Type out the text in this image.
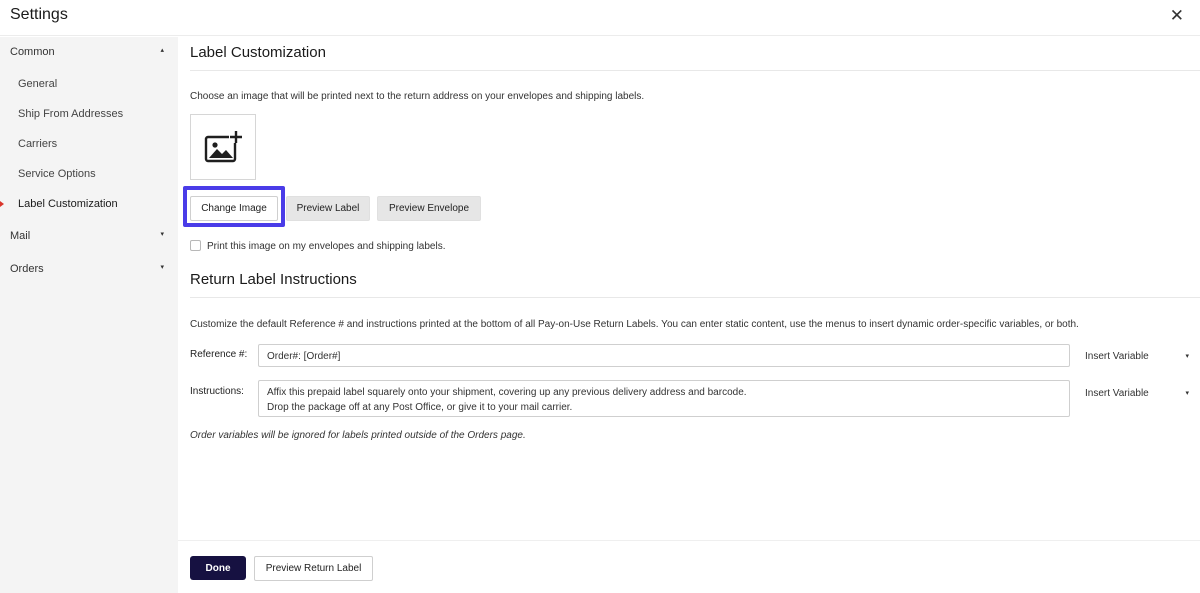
Settings	✕
Common	▴
General
Ship From Addresses
Carriers
Service Options
Label Customization
Mail	▾
Orders	▾
Label Customization
Choose an image that will be printed next to the return address on your envelopes and shipping labels.
Change Image	Preview Label	Preview Envelope
Print this image on my envelopes and shipping labels.
Return Label Instructions
Customize the default Reference # and instructions printed at the bottom of all Pay-on-Use Return Labels. You can enter static content, use the menus to insert dynamic order-specific variables, or both.
Reference #:	Order#: [Order#]	Insert Variable	▾
Instructions: Affix this prepaid label squarely onto your shipment, covering up any previous delivery address and barcode.
Drop the package off at any Post Office, or give it to your mail carrier.
Insert Variable	▾
Order variables will be ignored for labels printed outside of the Orders page.
Done	Preview Return Label
